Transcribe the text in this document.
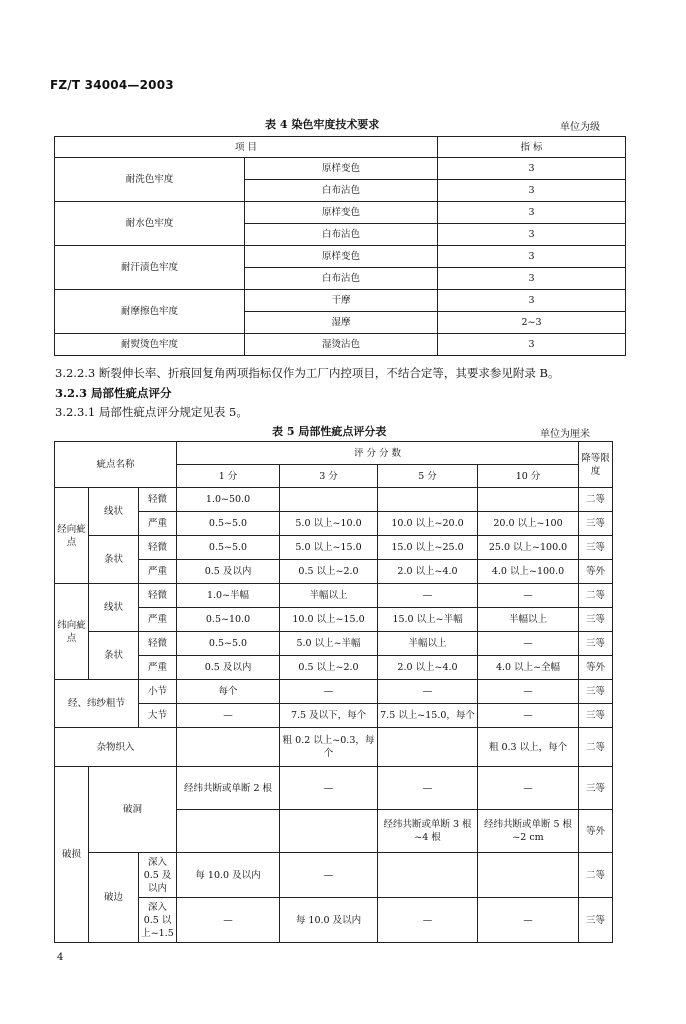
FZ/T 34004—2003
表 4 染色牢度技术要求	单位为级
项 目		指 标
耐洗色牢度	原样变色	3
	白布沾色	3
耐水色牢度	原样变色	3
	白布沾色	3
耐汗渍色牢度	原样变色	3
	白布沾色	3
耐摩擦色牢度	干摩	3
	湿摩	2~3
耐熨烫色牢度	湿烫沾色	3
3.2.2.3 断裂伸长率、折痕回复角两项指标仅作为工厂内控项目，不结合定等，其要求参见附录 B。
3.2.3 局部性疵点评分
3.2.3.1 局部性疵点评分规定见表 5。
表 5 局部性疵点评分表	单位为厘米
疵点名称			评 分 分 数				降等限度
			1 分	3 分	5 分	10 分	
经向疵点	线状	轻微	1.0~50.0				二等
		严重	0.5~5.0	5.0 以上~10.0	10.0 以上~20.0	20.0 以上~100	三等
	条状	轻微	0.5~5.0	5.0 以上~15.0	15.0 以上~25.0	25.0 以上~100.0	三等
		严重	0.5 及以内	0.5 以上~2.0	2.0 以上~4.0	4.0 以上~100.0	等外
纬向疵点	线状	轻微	1.0~半幅	半幅以上	—	—	二等
		严重	0.5~10.0	10.0 以上~15.0	15.0 以上~半幅	半幅以上	三等
	条状	轻微	0.5~5.0	5.0 以上~半幅	半幅以上	—	三等
		严重	0.5 及以内	0.5 以上~2.0	2.0 以上~4.0	4.0 以上~全幅	等外
经、纬纱粗节		小节	每个	—	—	—	三等
		大节	—	7.5 及以下，每个	7.5 以上~15.0，每个	—	三等
杂物织入				粗 0.2 以上~0.3，每个		粗 0.3 以上，每个	二等
破损	破洞		经纬共断或单断 2 根	—	—	—	三等
					经纬共断或单断 3 根~4 根	经纬共断或单断 5 根~2 cm	等外
	破边	深入 0.5 及以内	每 10.0 及以内	—			二等
		深入 0.5 以上~1.5	—	每 10.0 及以内	—	—	三等
4
